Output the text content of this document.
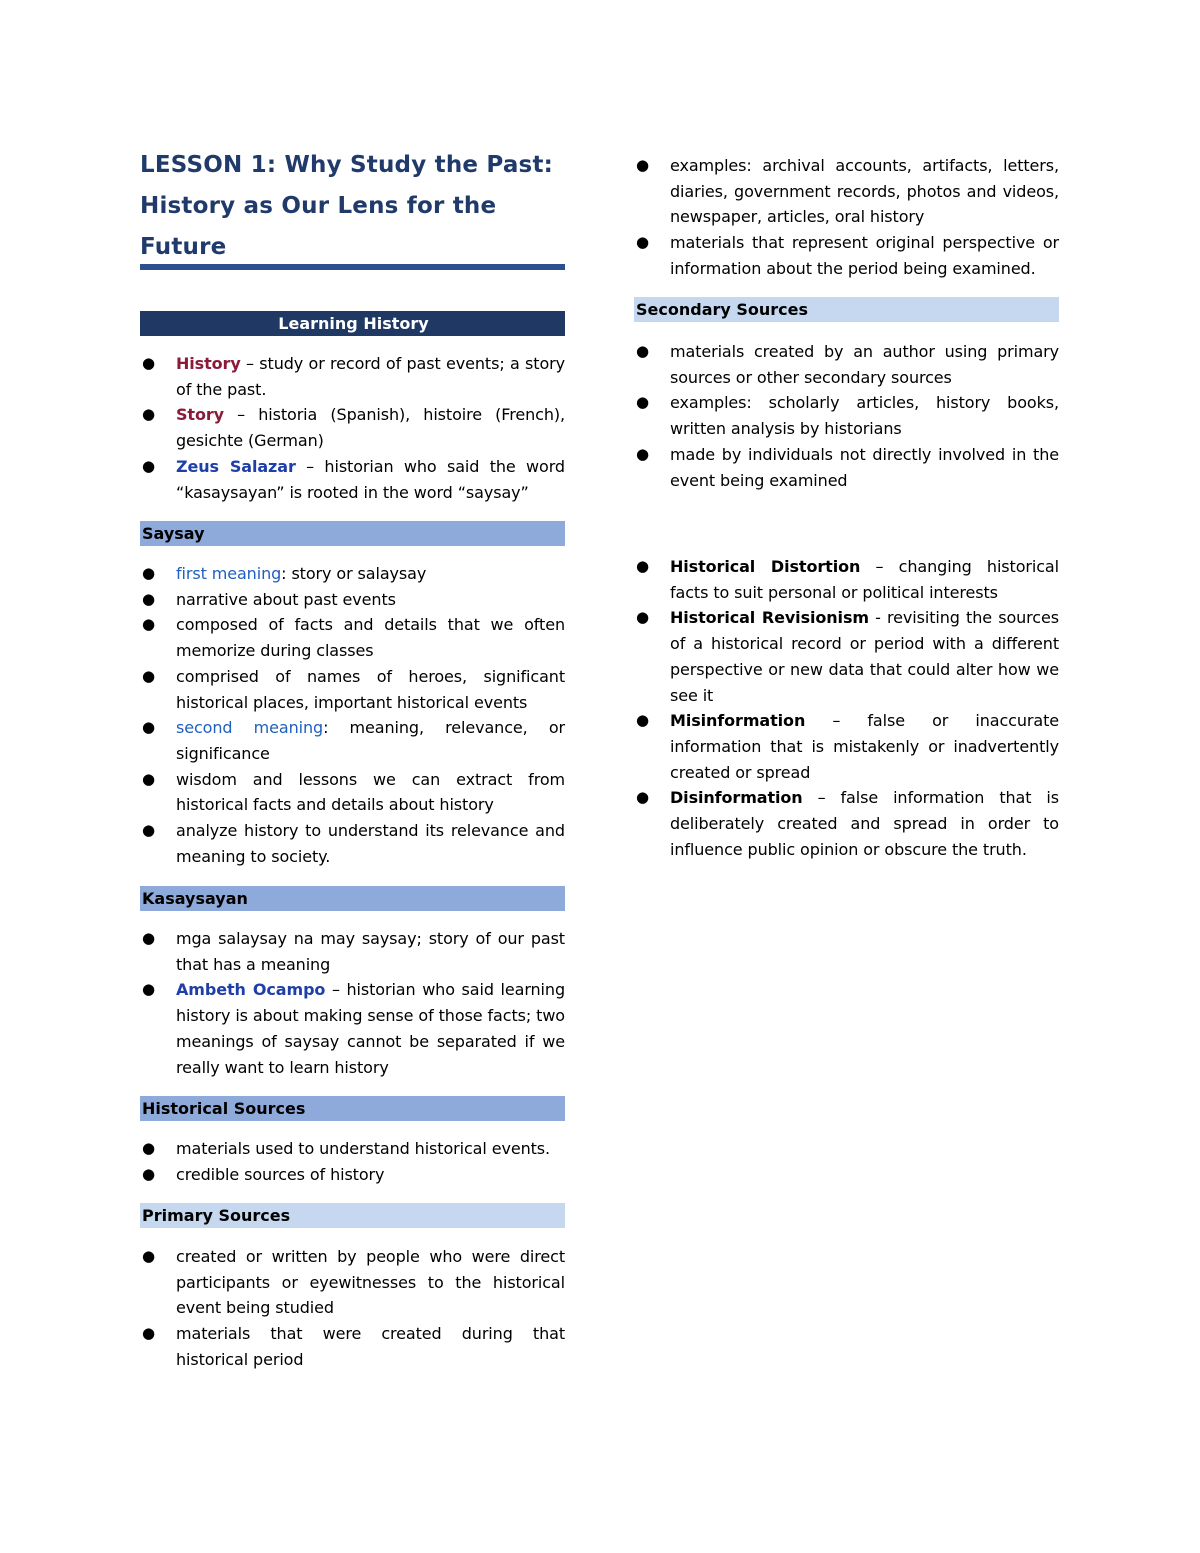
LESSON 1: Why Study the Past:
History as Our Lens for the
Future
Learning History
● History – study or record of past events; a story of the past.
● Story – historia (Spanish), histoire (French), gesichte (German)
● Zeus Salazar – historian who said the word “kasaysayan” is rooted in the word “saysay”
Saysay
● first meaning: story or salaysay
● narrative about past events
● composed of facts and details that we often memorize during classes
● comprised of names of heroes, significant historical places, important historical events
● second meaning: meaning, relevance, or significance
● wisdom and lessons we can extract from historical facts and details about history
● analyze history to understand its relevance and meaning to society.
Kasaysayan
● mga salaysay na may saysay; story of our past that has a meaning
● Ambeth Ocampo – historian who said learning history is about making sense of those facts; two meanings of saysay cannot be separated if we really want to learn history
Historical Sources
● materials used to understand historical events.
● credible sources of history
Primary Sources
● created or written by people who were direct participants or eyewitnesses to the historical event being studied
● materials that were created during that historical period
● examples: archival accounts, artifacts, letters, diaries, government records, photos and videos, newspaper, articles, oral history
● materials that represent original perspective or information about the period being examined.
Secondary Sources
● materials created by an author using primary sources or other secondary sources
● examples: scholarly articles, history books, written analysis by historians
● made by individuals not directly involved in the event being examined
● Historical Distortion – changing historical facts to suit personal or political interests
● Historical Revisionism - revisiting the sources of a historical record or period with a different perspective or new data that could alter how we see it
● Misinformation – false or inaccurate information that is mistakenly or inadvertently created or spread
● Disinformation – false information that is deliberately created and spread in order to influence public opinion or obscure the truth.
